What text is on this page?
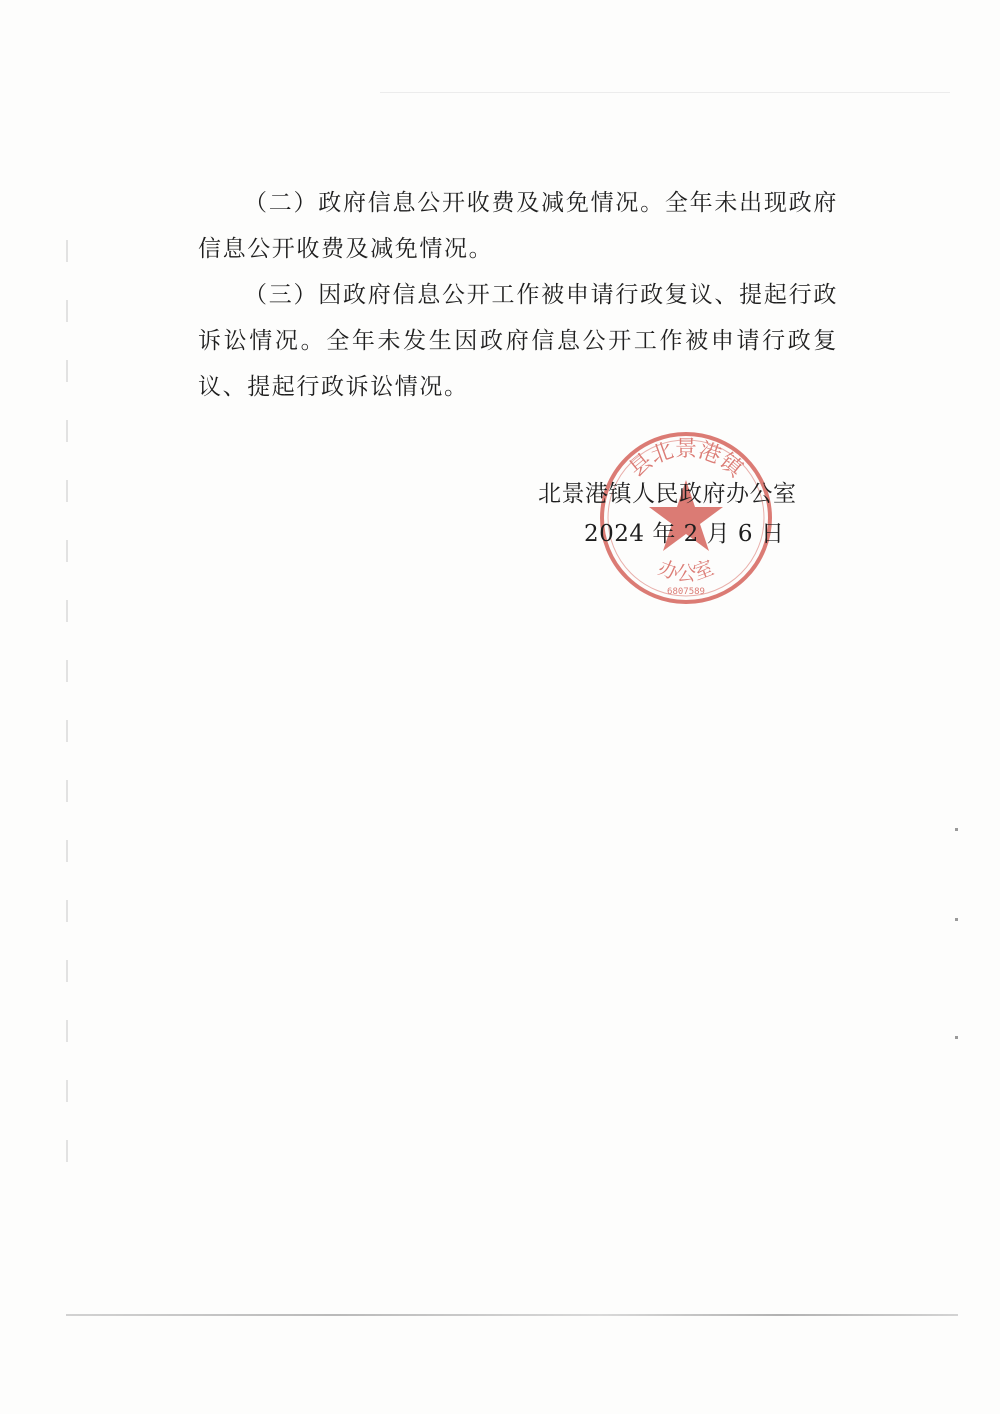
（二）政府信息公开收费及减免情况。全年未出现政府信息公开收费及减免情况。

（三）因政府信息公开工作被申请行政复议、提起行政诉讼情况。全年未发生因政府信息公开工作被申请行政复议、提起行政诉讼情况。

县北景港镇
办公室
6807589
北景港镇人民政府办公室
2024 年 2 月 6 日
